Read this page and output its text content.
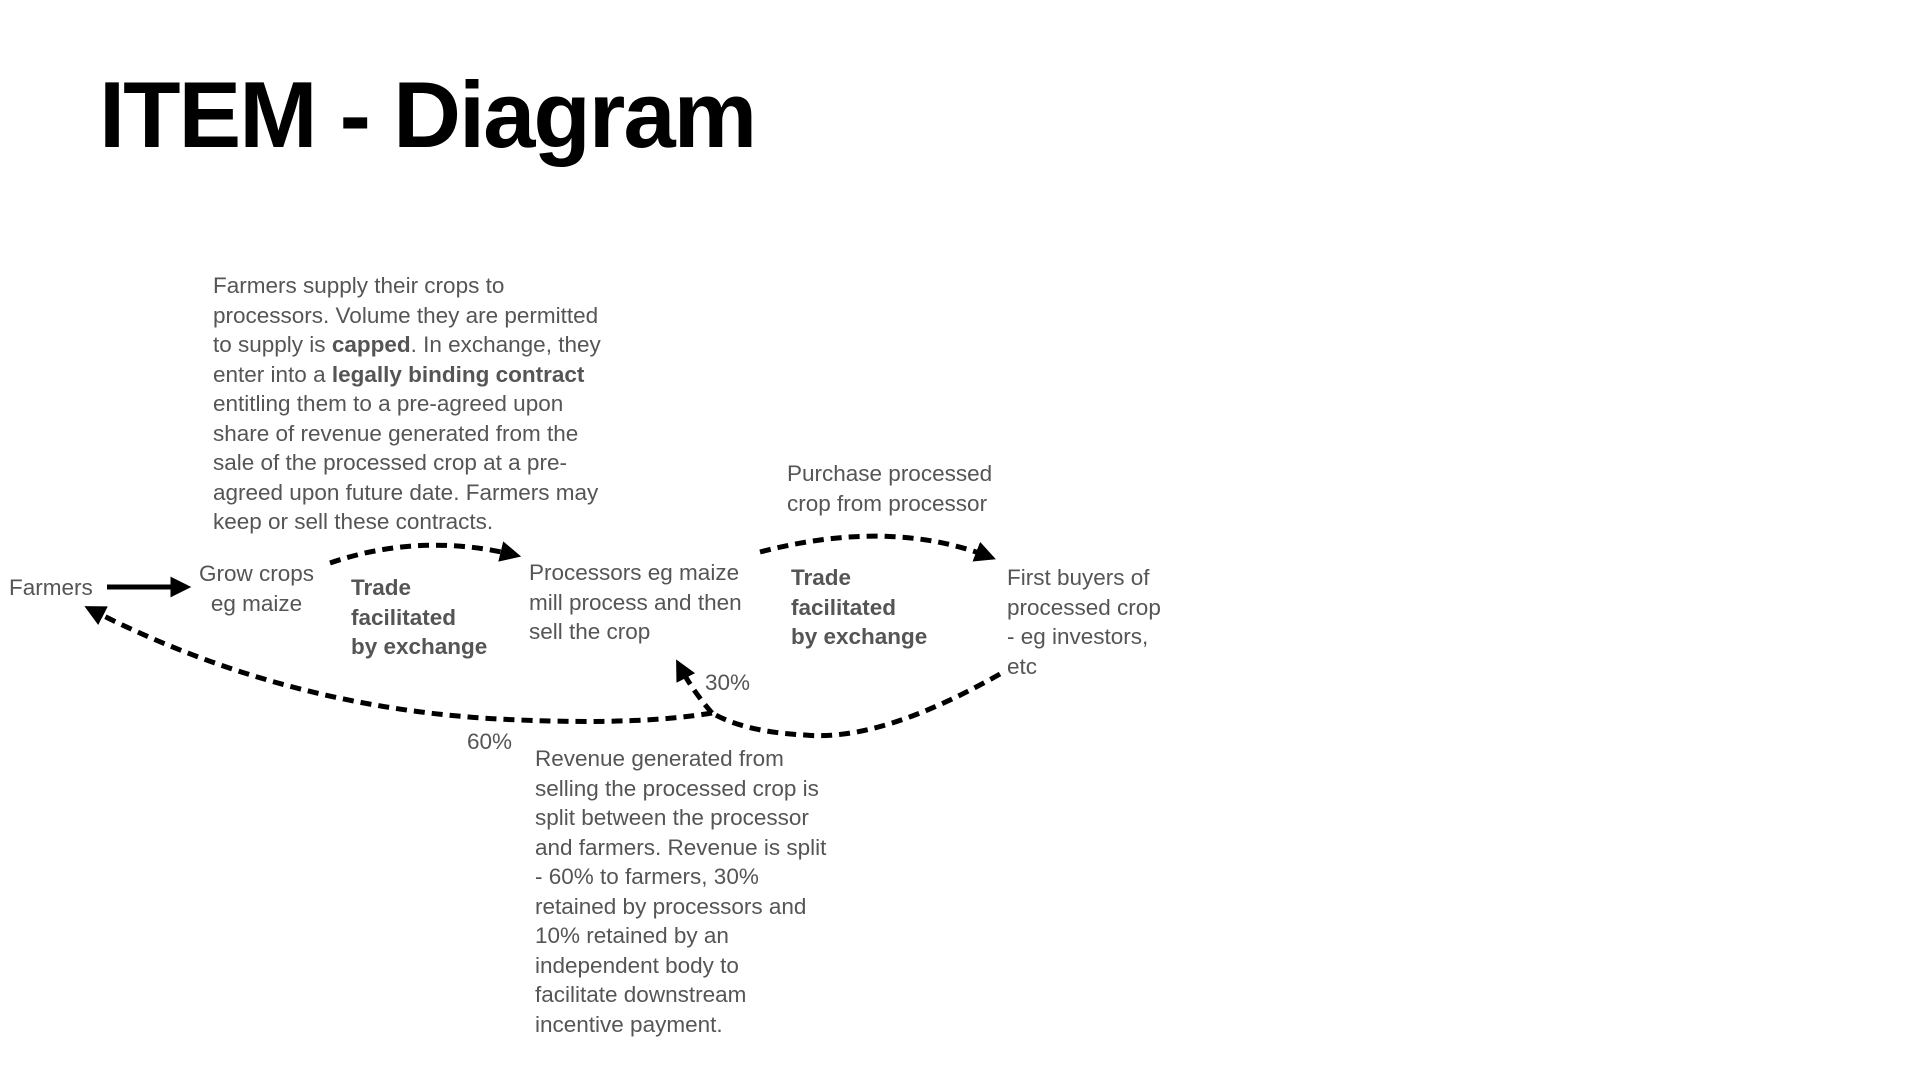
ITEM - Diagram
Farmers supply their crops to
processors. Volume they are permitted
to supply is capped. In exchange, they
enter into a legally binding contract
entitling them to a pre-agreed upon
share of revenue generated from the
sale of the processed crop at a pre-
agreed upon future date. Farmers may
keep or sell these contracts.
Purchase processed
crop from processor
Farmers
Grow crops
eg maize
Trade
facilitated
by exchange
Processors eg maize
mill process and then
sell the crop
Trade
facilitated
by exchange
First buyers of
processed crop
- eg investors,
etc
30%
60%
Revenue generated from
selling the processed crop is
split between the processor
and farmers. Revenue is split
- 60% to farmers, 30%
retained by processors and
10% retained by an
independent body to
facilitate downstream
incentive payment.
